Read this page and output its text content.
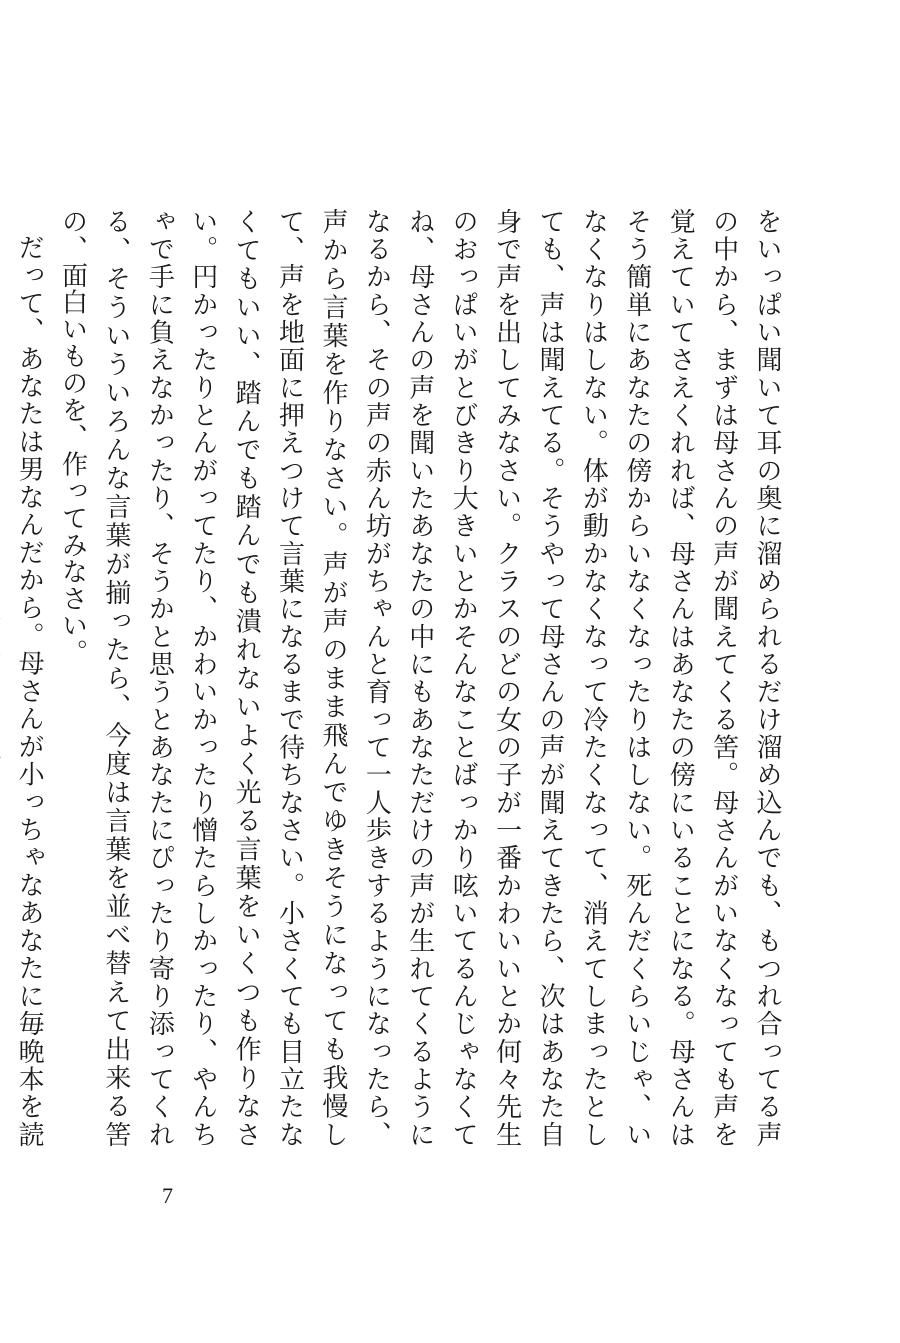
をいっぱい聞いて耳の奥に溜められるだけ溜め込んでも、もつれ合ってる声の中から、まずは母さんの声が聞えてくる筈。母さんがいなくなっても声を覚えていてさえくれれば、母さんはあなたの傍にいることになる。母さんはそう簡単にあなたの傍からいなくなったりはしない。死んだくらいじゃ、いなくなりはしない。体が動かなくなって冷たくなって、消えてしまったとしても、声は聞えてる。そうやって母さんの声が聞えてきたら、次はあなた自身で声を出してみなさい。クラスのどの女の子が一番かわいいとか何々先生のおっぱいがとびきり大きいとかそんなことばっかり呟いてるんじゃなくてね、母さんの声を聞いたあなたの中にもあなただけの声が生れてくるようになるから、その声の赤ん坊がちゃんと育って一人歩きするようになったら、声から言葉を作りなさい。声が声のまま飛んでゆきそうになっても我慢して、声を地面に押えつけて言葉になるまで待ちなさい。小さくても目立たなくてもいい、踏んでも踏んでも潰れないよく光る言葉をいくつも作りなさい。円かったりとんがってたり、かわいかったり憎たらしかったり、やんちゃで手に負えなかったり、そうかと思うとあなたにぴったり寄り添ってくれる、そういういろんな言葉が揃ったら、今度は言葉を並べ替えて出来る筈の、面白いものを、作ってみなさい。

だって、あなたは男なんだから。母さんが小っちゃなあなたに毎晩本を読

7
